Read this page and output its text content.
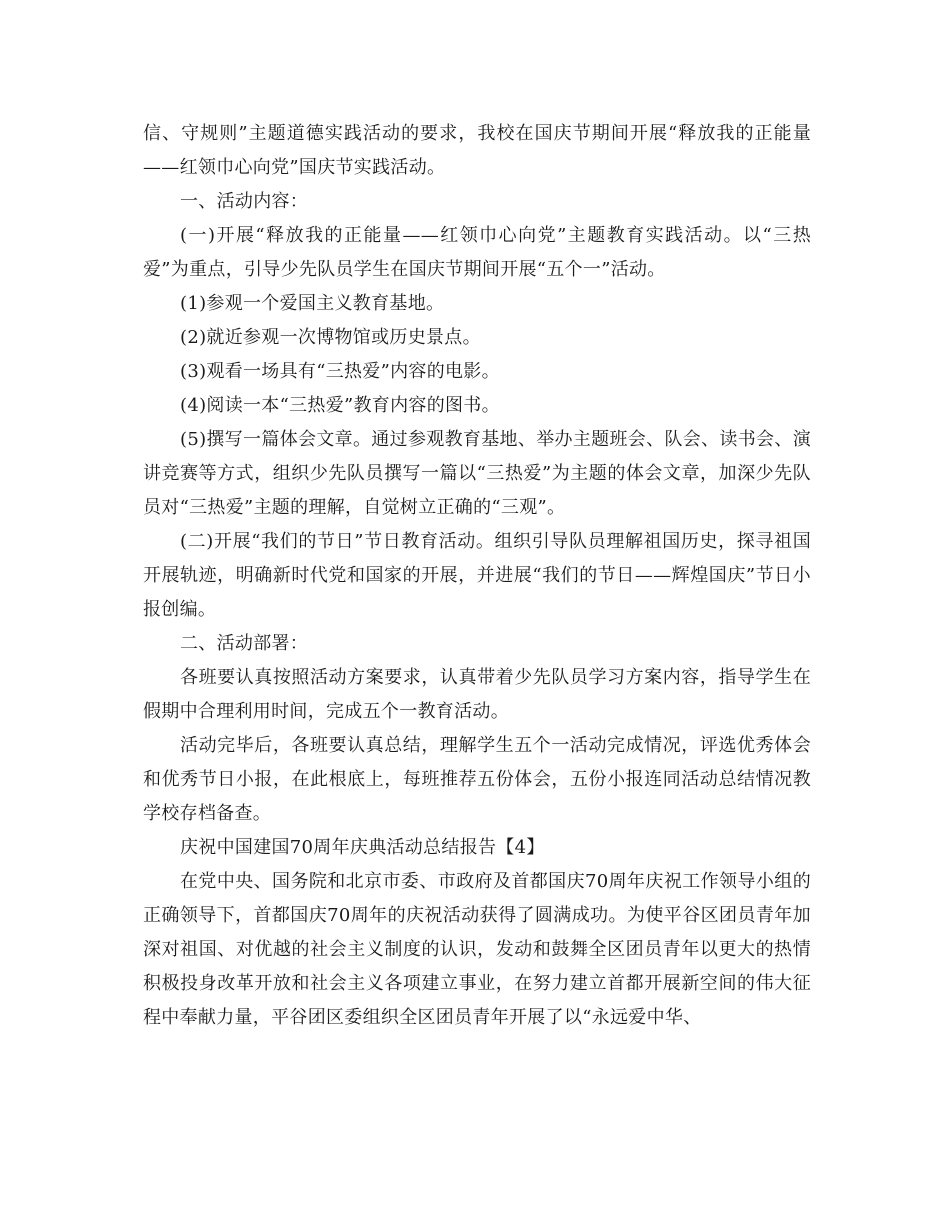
信、守规则”主题道德实践活动的要求，我校在国庆节期间开展“释放我的正能量——红领巾心向党”国庆节实践活动。

一、活动内容：

(一)开展“释放我的正能量——红领巾心向党”主题教育实践活动。以“三热爱”为重点，引导少先队员学生在国庆节期间开展“五个一”活动。

(1)参观一个爱国主义教育基地。

(2)就近参观一次博物馆或历史景点。

(3)观看一场具有“三热爱”内容的电影。

(4)阅读一本“三热爱”教育内容的图书。

(5)撰写一篇体会文章。通过参观教育基地、举办主题班会、队会、读书会、演讲竞赛等方式，组织少先队员撰写一篇以“三热爱”为主题的体会文章，加深少先队员对“三热爱”主题的理解，自觉树立正确的“三观”。

(二)开展“我们的节日”节日教育活动。组织引导队员理解祖国历史，探寻祖国开展轨迹，明确新时代党和国家的开展，并进展“我们的节日——辉煌国庆”节日小报创编。

二、活动部署：

各班要认真按照活动方案要求，认真带着少先队员学习方案内容，指导学生在假期中合理利用时间，完成五个一教育活动。

活动完毕后，各班要认真总结，理解学生五个一活动完成情况，评选优秀体会和优秀节日小报，在此根底上，每班推荐五份体会，五份小报连同活动总结情况教学校存档备查。

庆祝中国建国70周年庆典活动总结报告【4】

在党中央、国务院和北京市委、市政府及首都国庆70周年庆祝工作领导小组的正确领导下，首都国庆70周年的庆祝活动获得了圆满成功。为使平谷区团员青年加深对祖国、对优越的社会主义制度的认识，发动和鼓舞全区团员青年以更大的热情积极投身改革开放和社会主义各项建立事业，在努力建立首都开展新空间的伟大征程中奉献力量，平谷团区委组织全区团员青年开展了以“永远爱中华、
